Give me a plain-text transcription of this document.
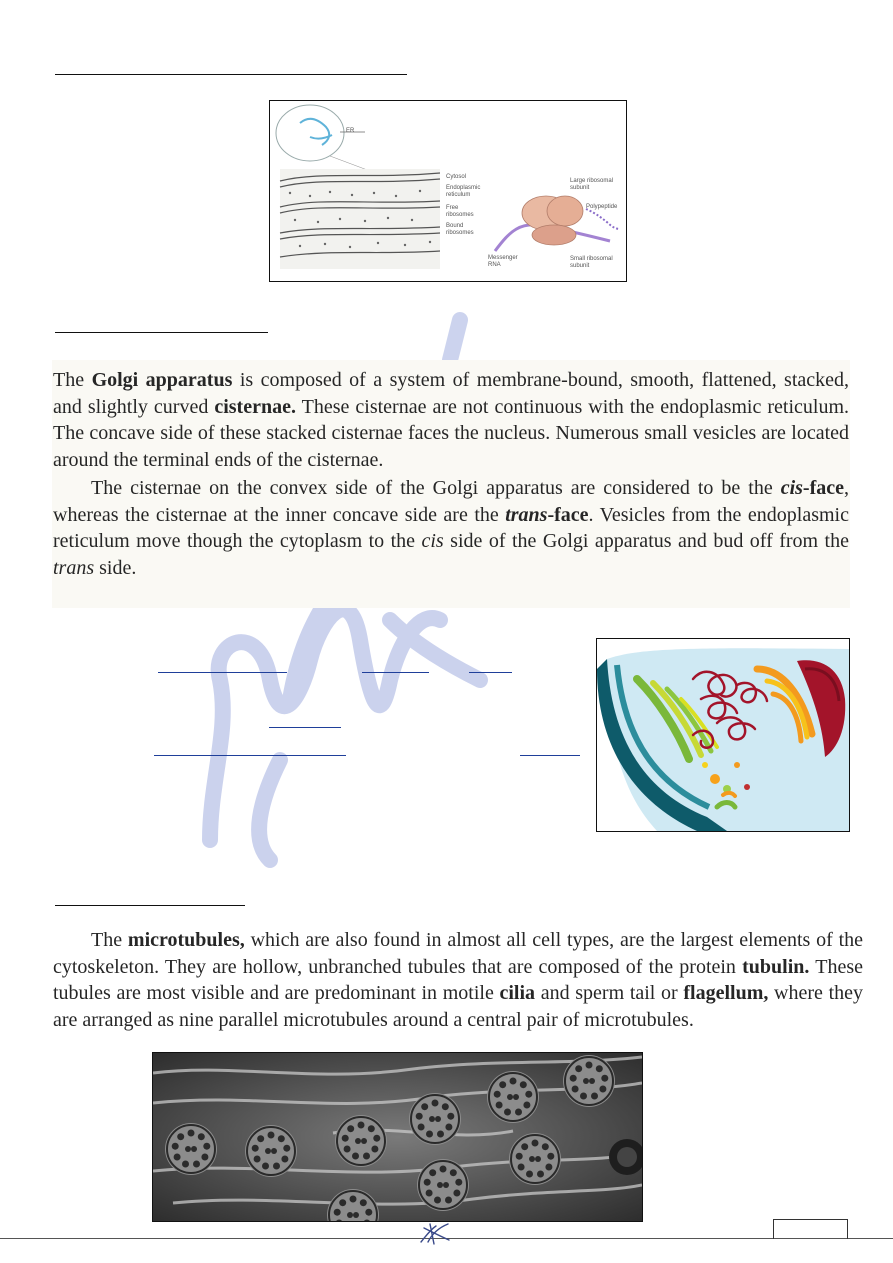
ER
Cytosol
Endoplasmic reticulum
Free ribosomes
Bound ribosomes
Large ribosomal subunit
Polypeptide
Messenger RNA
Small ribosomal subunit

The Golgi apparatus is composed of a system of membrane-bound, smooth, flattened, stacked, and slightly curved cisternae. These cisternae are not continuous with the endoplasmic reticulum. The concave side of these stacked cisternae faces the nucleus. Numerous small vesicles are located around the terminal ends of the cisternae.

The cisternae on the convex side of the Golgi apparatus are considered to be the cis-face, whereas the cisternae at the inner concave side are the trans-face. Vesicles from the endoplasmic reticulum move though the cytoplasm to the cis side of the Golgi apparatus and bud off from the trans side.

The microtubules, which are also found in almost all cell types, are the largest elements of the cytoskeleton. They are hollow, unbranched tubules that are composed of the protein tubulin. These tubules are most visible and are predominant in motile cilia and sperm tail or flagellum, where they are arranged as nine parallel microtubules around a central pair of microtubules.
